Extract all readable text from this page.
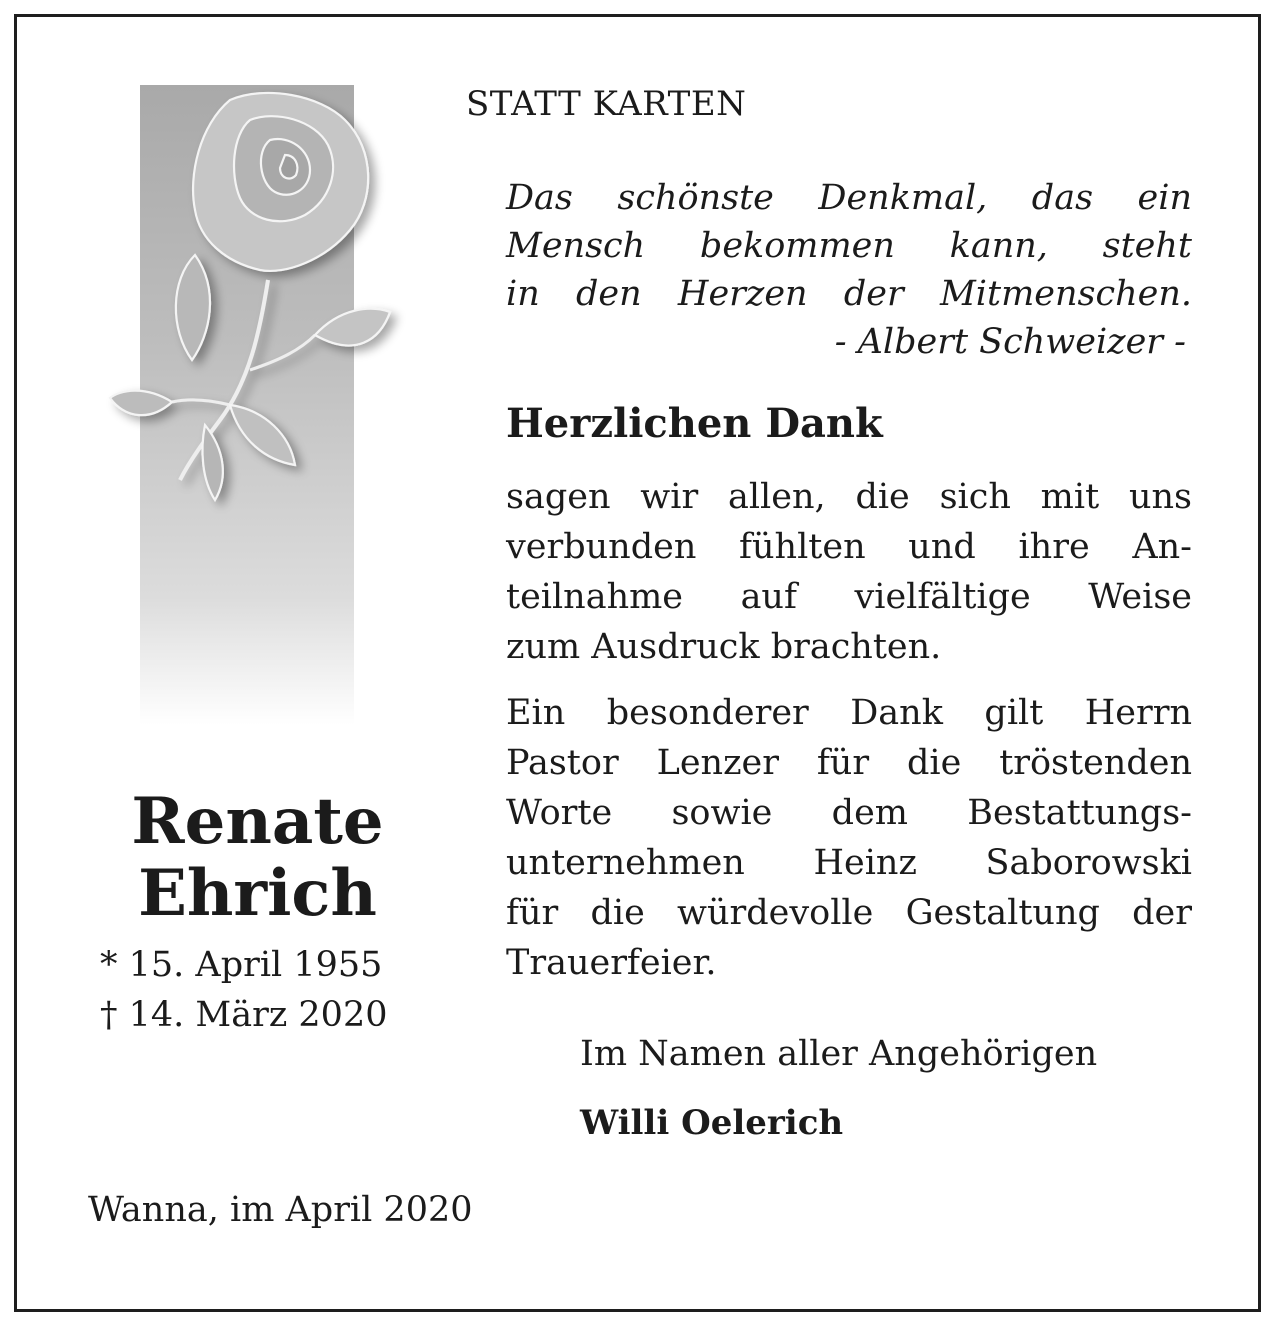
STATT KARTEN
Das schönste Denkmal, das ein
Mensch bekommen kann, steht
in den Herzen der Mitmenschen.
- Albert Schweizer -
Herzlichen Dank
sagen wir allen, die sich mit uns
verbunden fühlten und ihre An-
teilnahme auf vielfältige Weise
zum Ausdruck brachten.
Ein besonderer Dank gilt Herrn
Pastor Lenzer für die tröstenden
Worte sowie dem Bestattungs-
unternehmen Heinz Saborowski
für die würdevolle Gestaltung der
Trauerfeier.
Im Namen aller Angehörigen
Willi Oelerich
Renate
Ehrich
* 15. April 1955
† 14. März 2020
Wanna, im April 2020
